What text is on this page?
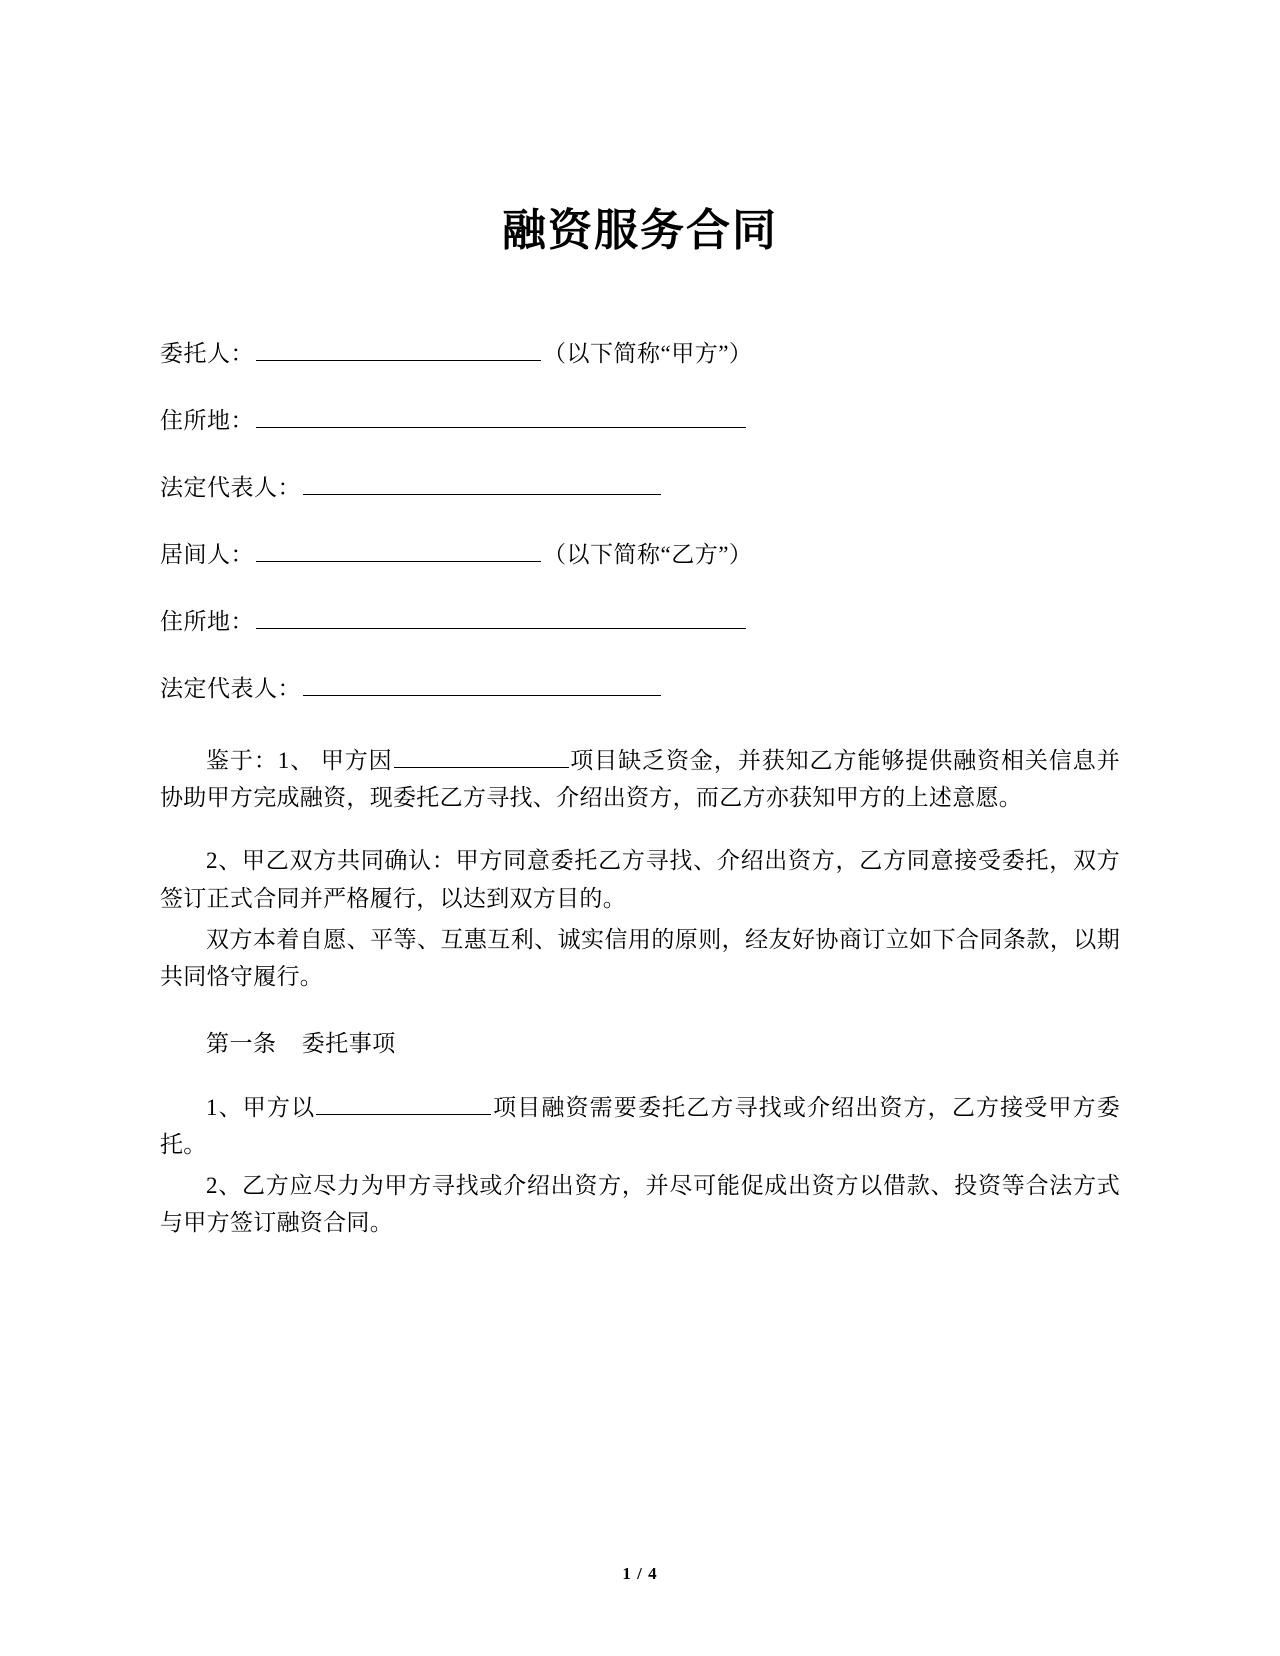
融资服务合同
委托人：	（以下简称“甲方”）
住所地：
法定代表人：
居间人：	（以下简称“乙方”）
住所地：
法定代表人：

鉴于：1、 甲方因	项目缺乏资金，并获知乙方能够提供融资相关信息并协助甲方完成融资，现委托乙方寻找、介绍出资方，而乙方亦获知甲方的上述意愿。

2、甲乙双方共同确认：甲方同意委托乙方寻找、介绍出资方，乙方同意接受委托，双方签订正式合同并严格履行，以达到双方目的。

双方本着自愿、平等、互惠互利、诚实信用的原则，经友好协商订立如下合同条款，以期共同恪守履行。

第一条 委托事项

1、甲方以	项目融资需要委托乙方寻找或介绍出资方，乙方接受甲方委托。

2、乙方应尽力为甲方寻找或介绍出资方，并尽可能促成出资方以借款、投资等合法方式与甲方签订融资合同。

1 / 4
